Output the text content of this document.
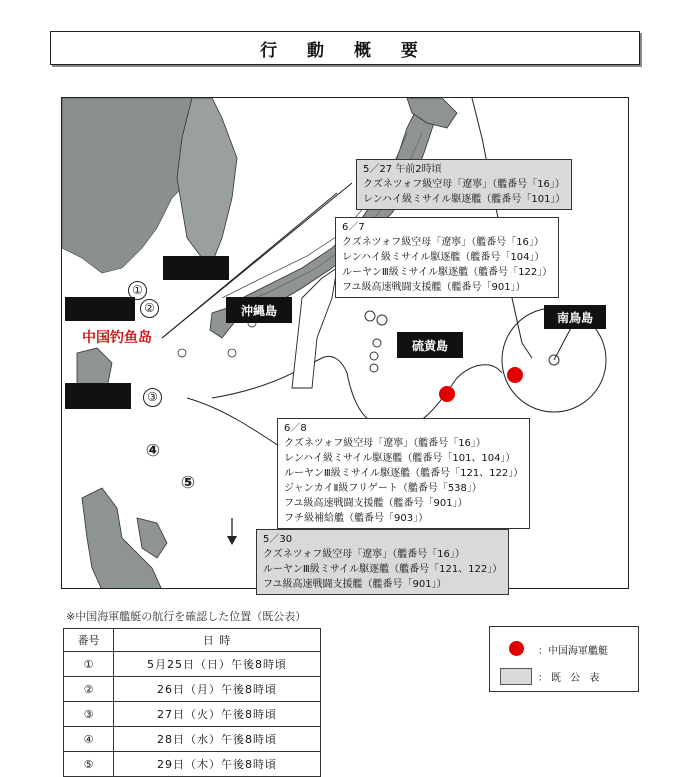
行 動 概 要
5／27 午前2時頃
クズネツォフ級空母「遼寧」（艦番号「16」）
レンハイ級ミサイル駆逐艦（艦番号「101」）
6／7
クズネツォフ級空母「遼寧」（艦番号「16」）
レンハイ級ミサイル駆逐艦（艦番号「104」）
ルーヤンⅢ級ミサイル駆逐艦（艦番号「122」）
フユ級高速戦闘支援艦（艦番号「901」）
6／8
クズネツォフ級空母「遼寧」（艦番号「16」）
レンハイ級ミサイル駆逐艦（艦番号「101、104」）
ルーヤンⅢ級ミサイル駆逐艦（艦番号「121、122」）
ジャンカイⅡ級フリゲート（艦番号「538」）
フユ級高速戦闘支援艦（艦番号「901」）
フチ級補給艦（艦番号「903」）
5／30
クズネツォフ級空母「遼寧」（艦番号「16」）
ルーヤンⅢ級ミサイル駆逐艦（艦番号「121、122」）
フユ級高速戦闘支援艦（艦番号「901」）
南鳥島
硫黄島
沖縄島
中国钓鱼岛
①
②
③
④
⑤
※中国海軍艦艇の航行を確認した位置（既公表）
番号	日 時
①	5月25日（日）午後8時頃
②	26日（月）午後8時頃
③	27日（火）午後8時頃
④	28日（水）午後8時頃
⑤	29日（木）午後8時頃
：中国海軍艦艇
：既 公 表
